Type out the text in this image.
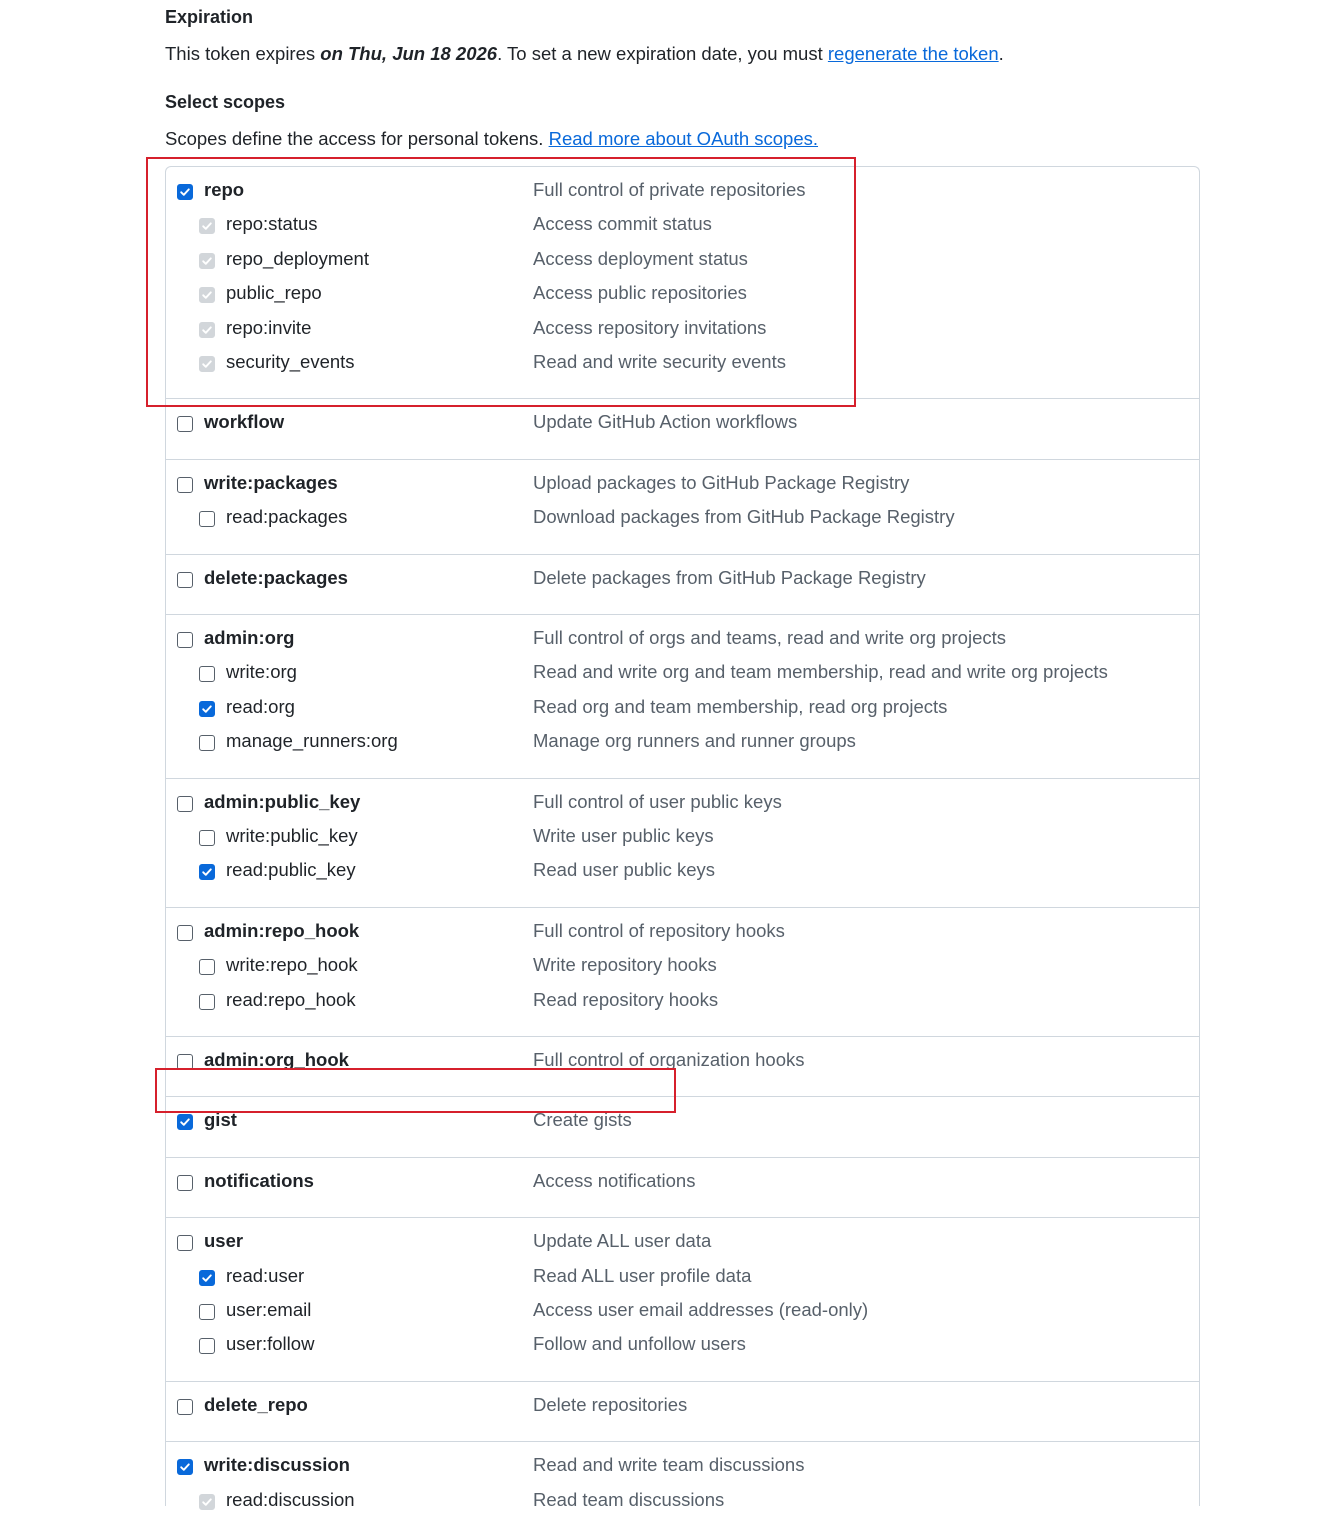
Expiration
This token expires on Thu, Jun 18 2026. To set a new expiration date, you must regenerate the token.
Select scopes
Scopes define the access for personal tokens. Read more about OAuth scopes.
repo	Full control of private repositories
repo:status	Access commit status
repo_deployment	Access deployment status
public_repo	Access public repositories
repo:invite	Access repository invitations
security_events	Read and write security events
workflow	Update GitHub Action workflows
write:packages	Upload packages to GitHub Package Registry
read:packages	Download packages from GitHub Package Registry
delete:packages	Delete packages from GitHub Package Registry
admin:org	Full control of orgs and teams, read and write org projects
write:org	Read and write org and team membership, read and write org projects
read:org	Read org and team membership, read org projects
manage_runners:org	Manage org runners and runner groups
admin:public_key	Full control of user public keys
write:public_key	Write user public keys
read:public_key	Read user public keys
admin:repo_hook	Full control of repository hooks
write:repo_hook	Write repository hooks
read:repo_hook	Read repository hooks
admin:org_hook	Full control of organization hooks
gist	Create gists
notifications	Access notifications
user	Update ALL user data
read:user	Read ALL user profile data
user:email	Access user email addresses (read-only)
user:follow	Follow and unfollow users
delete_repo	Delete repositories
write:discussion	Read and write team discussions
read:discussion	Read team discussions
